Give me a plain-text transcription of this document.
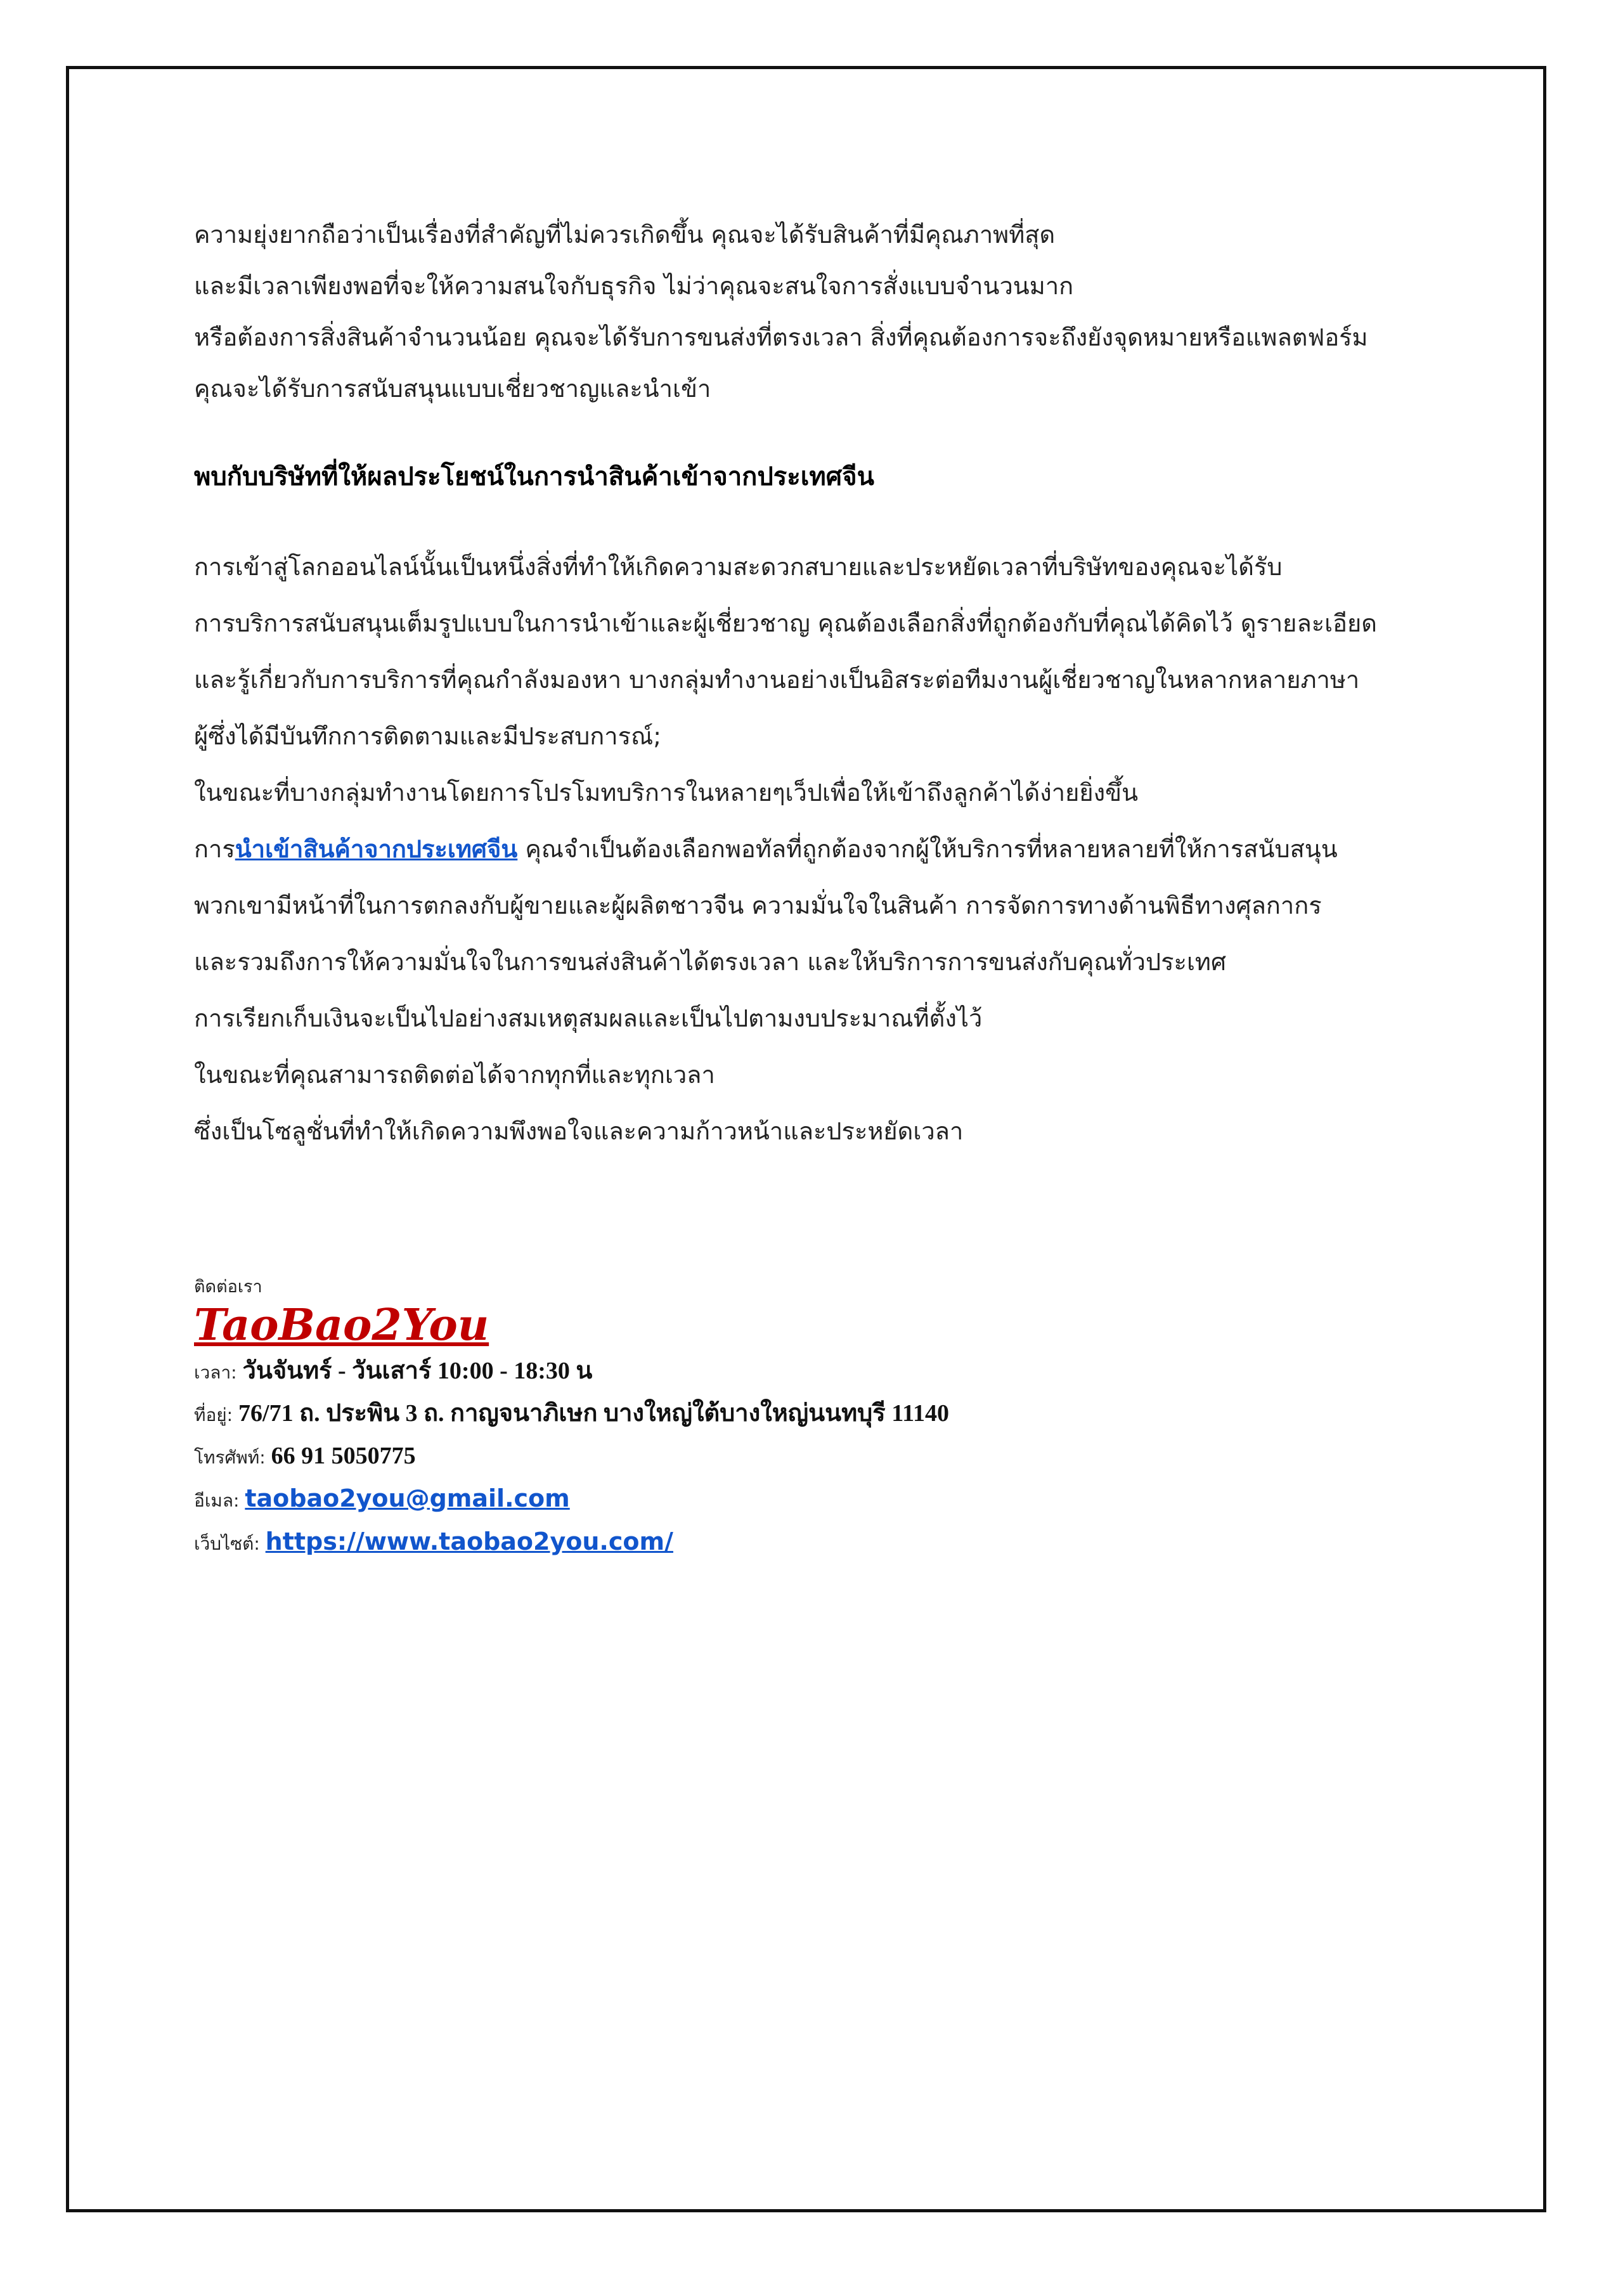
ความยุ่งยากถือว่าเป็นเรื่องที่สำคัญที่ไม่ควรเกิดขึ้น คุณจะได้รับสินค้าที่มีคุณภาพที่สุด

และมีเวลาเพียงพอที่จะให้ความสนใจกับธุรกิจ ไม่ว่าคุณจะสนใจการสั่งแบบจำนวนมาก

หรือต้องการสิ่งสินค้าจำนวนน้อย คุณจะได้รับการขนส่งที่ตรงเวลา สิ่งที่คุณต้องการจะถึงยังจุดหมายหรือแพลตฟอร์ม

คุณจะได้รับการสนับสนุนแบบเชี่ยวชาญและนำเข้า

พบกับบริษัทที่ให้ผลประโยชน์ในการนำสินค้าเข้าจากประเทศจีน

การเข้าสู่โลกออนไลน์นั้นเป็นหนึ่งสิ่งที่ทำให้เกิดความสะดวกสบายและประหยัดเวลาที่บริษัทของคุณจะได้รับ

การบริการสนับสนุนเต็มรูปแบบในการนำเข้าและผู้เชี่ยวชาญ คุณต้องเลือกสิ่งที่ถูกต้องกับที่คุณได้คิดไว้ ดูรายละเอียด

และรู้เกี่ยวกับการบริการที่คุณกำลังมองหา บางกลุ่มทำงานอย่างเป็นอิสระต่อทีมงานผู้เชี่ยวชาญในหลากหลายภาษา

ผู้ซึ่งได้มีบันทึกการติดตามและมีประสบการณ์;

ในขณะที่บางกลุ่มทำงานโดยการโปรโมทบริการในหลายๆเว็ปเพื่อให้เข้าถึงลูกค้าได้ง่ายยิ่งขึ้น

การนำเข้าสินค้าจากประเทศจีน คุณจำเป็นต้องเลือกพอทัลที่ถูกต้องจากผู้ให้บริการที่หลายหลายที่ให้การสนับสนุน

พวกเขามีหน้าที่ในการตกลงกับผู้ขายและผู้ผลิตชาวจีน ความมั่นใจในสินค้า การจัดการทางด้านพิธีทางศุลกากร

และรวมถึงการให้ความมั่นใจในการขนส่งสินค้าได้ตรงเวลา และให้บริการการขนส่งกับคุณทั่วประเทศ

การเรียกเก็บเงินจะเป็นไปอย่างสมเหตุสมผลและเป็นไปตามงบประมาณที่ตั้งไว้

ในขณะที่คุณสามารถติดต่อได้จากทุกที่และทุกเวลา

ซึ่งเป็นโซลูชั่นที่ทำให้เกิดความพึงพอใจและความก้าวหน้าและประหยัดเวลา

ติดต่อเรา
TaoBao2You
เวลา: วันจันทร์ - วันเสาร์ 10:00 - 18:30 น
ที่อยู่: 76/71 ถ. ประพิน 3 ถ. กาญจนาภิเษก บางใหญ่ใต้บางใหญ่นนทบุรี 11140
โทรศัพท์: 66 91 5050775
อีเมล: taobao2you@gmail.com
เว็บไซต์: https://www.taobao2you.com/
